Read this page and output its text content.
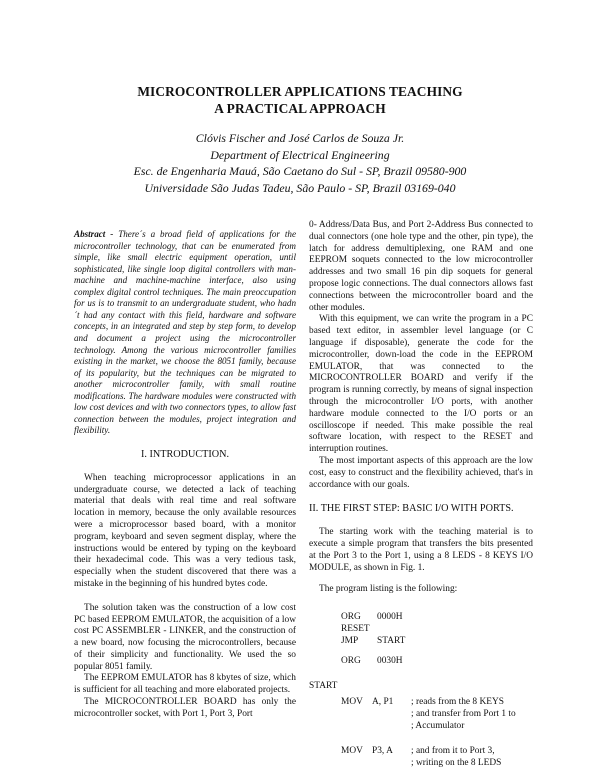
MICROCONTROLLER APPLICATIONS TEACHING
A PRACTICAL APPROACH
Clóvis Fischer and José Carlos de Souza Jr.
Department of Electrical Engineering
Esc. de Engenharia Mauá, São Caetano do Sul - SP, Brazil 09580-900
Universidade São Judas Tadeu, São Paulo - SP, Brazil 03169-040

Abstract - There´s a broad field of applications for the microcontroller technology, that can be enumerated from simple, like small electric equipment operation, until sophisticated, like single loop digital controllers with man-machine and machine-machine interface, also using complex digital control techniques. The main preoccupation for us is to transmit to an undergraduate student, who hadn´t had any contact with this field, hardware and software concepts, in an integrated and step by step form, to develop and document a project using the microcontroller technology. Among the various microcontroller families existing in the market, we choose the 8051 family, because of its popularity, but the techniques can be migrated to another microcontroller family, with small routine modifications. The hardware modules were constructed with low cost devices and with two connectors types, to allow fast connection between the modules, project integration and flexibility.

I. INTRODUCTION.

When teaching microprocessor applications in an undergraduate course, we detected a lack of teaching material that deals with real time and real software location in memory, because the only available resources were a microprocessor based board, with a monitor program, keyboard and seven segment display, where the instructions would be entered by typing on the keyboard their hexadecimal code. This was a very tedious task, especially when the student discovered that there was a mistake in the beginning of his hundred bytes code.

The solution taken was the construction of a low cost PC based EEPROM EMULATOR, the acquisition of a low cost PC ASSEMBLER - LINKER, and the construction of a new board, now focusing the microcontrollers, because of their simplicity and functionality. We used the so popular 8051 family.

The EEPROM EMULATOR has 8 kbytes of size, which is sufficient for all teaching and more elaborated projects.

The MICROCONTROLLER BOARD has only the microcontroller socket, with Port 1, Port 3, Port

0- Address/Data Bus, and Port 2-Address Bus connected to dual connectors (one hole type and the other, pin type), the latch for address demultiplexing, one RAM and one EEPROM soquets connected to the low microcontroller addresses and two small 16 pin dip soquets for general propose logic connections. The dual connectors allows fast connections between the microcontroller board and the other modules.

With this equipment, we can write the program in a PC based text editor, in assembler level language (or C language if disposable), generate the code for the microcontroller, down-load the code in the EEPROM EMULATOR, that was connected to the MICROCONTROLLER BOARD and verify if the program is running correctly, by means of signal inspection through the microcontroller I/O ports, with another hardware module connected to the I/O ports or an oscilloscope if needed. This make possible the real software location, with respect to the RESET and interruption routines.

The most important aspects of this approach are the low cost, easy to construct and the flexibility achieved, that's in accordance with our goals.

II. THE FIRST STEP: BASIC I/O WITH PORTS.

The starting work with the teaching material is to execute a simple program that transfers the bits presented at the Port 3 to the Port 1, using a 8 LEDS - 8 KEYS I/O MODULE, as shown in Fig. 1.

The program listing is the following:

ORG 0000H
RESET
JMP START
ORG 0030H
START
MOV A, P1 ; reads from the 8 KEYS
; and transfer from Port 1 to
; Accumulator
MOV P3, A ; and from it to Port 3,
; writing on the 8 LEDS
